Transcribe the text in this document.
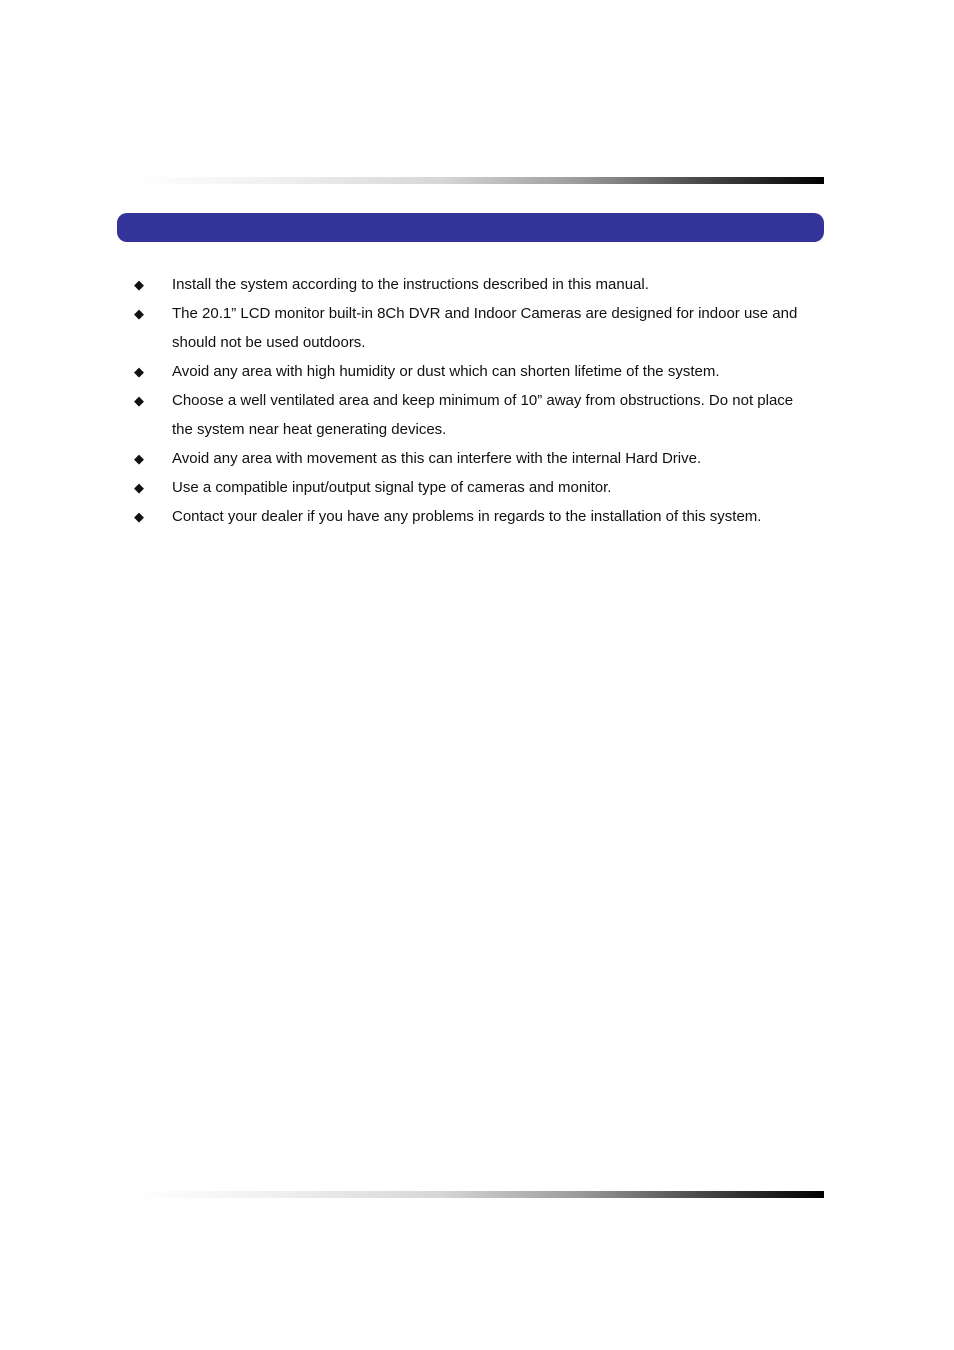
◆ Install the system according to the instructions described in this manual.
◆ The 20.1” LCD monitor built-in 8Ch DVR and Indoor Cameras are designed for indoor use and should not be used outdoors.
◆ Avoid any area with high humidity or dust which can shorten lifetime of the system.
◆ Choose a well ventilated area and keep minimum of 10” away from obstructions. Do not place the system near heat generating devices.
◆ Avoid any area with movement as this can interfere with the internal Hard Drive.
◆ Use a compatible input/output signal type of cameras and monitor.
◆ Contact your dealer if you have any problems in regards to the installation of this system.
